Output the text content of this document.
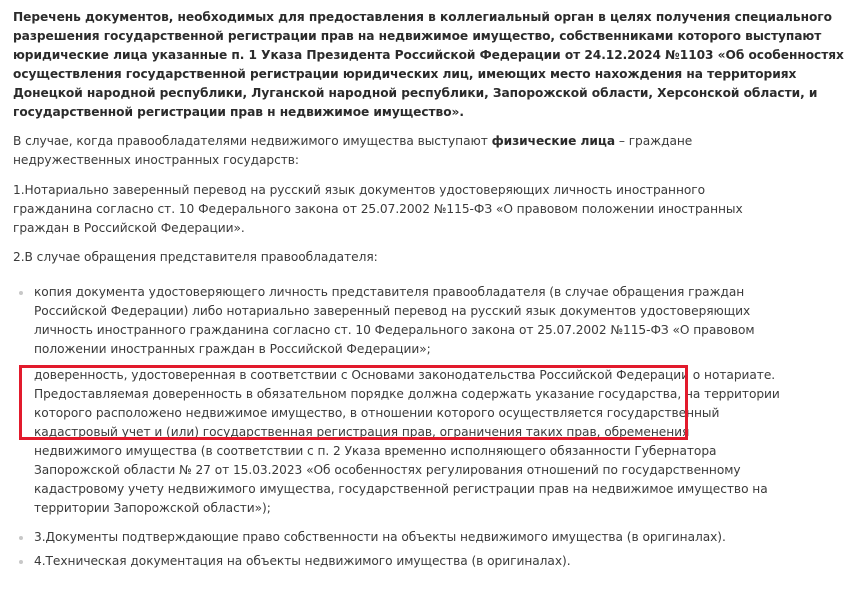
Перечень документов, необходимых для предоставления в коллегиальный орган в целях получения специального
разрешения государственной регистрации прав на недвижимое имущество, собственниками которого выступают
юридические лица указанные п. 1 Указа Президента Российской Федерации от 24.12.2024 №1103 «Об особенностях
осуществления государственной регистрации юридических лиц, имеющих место нахождения на территориях
Донецкой народной республики, Луганской народной республики, Запорожской области, Херсонской области, и
государственной регистрации прав н недвижимое имущество».
В случае, когда правообладателями недвижимого имущества выступают физические лица – граждане
недружественных иностранных государств:
1.Нотариально заверенный перевод на русский язык документов удостоверяющих личность иностранного
гражданина согласно ст. 10 Федерального закона от 25.07.2002 №115-ФЗ «О правовом положении иностранных
граждан в Российской Федерации».
2.В случае обращения представителя правообладателя:
копия документа удостоверяющего личность представителя правообладателя (в случае обращения граждан
Российской Федерации) либо нотариально заверенный перевод на русский язык документов удостоверяющих
личность иностранного гражданина согласно ст. 10 Федерального закона от 25.07.2002 №115-ФЗ «О правовом
положении иностранных граждан в Российской Федерации»;
доверенность, удостоверенная в соответствии с Основами законодательства Российской Федерации о нотариате.
Предоставляемая доверенность в обязательном порядке должна содержать указание государства, на территории
которого расположено недвижимое имущество, в отношении которого осуществляется государственный
кадастровый учет и (или) государственная регистрация прав, ограничения таких прав, обременения
недвижимого имущества (в соответствии с п. 2 Указа временно исполняющего обязанности Губернатора
Запорожской области № 27 от 15.03.2023 «Об особенностях регулирования отношений по государственному
кадастровому учету недвижимого имущества, государственной регистрации прав на недвижимое имущество на
территории Запорожской области»);
3.Документы подтверждающие право собственности на объекты недвижимого имущества (в оригиналах).
4.Техническая документация на объекты недвижимого имущества (в оригиналах).
